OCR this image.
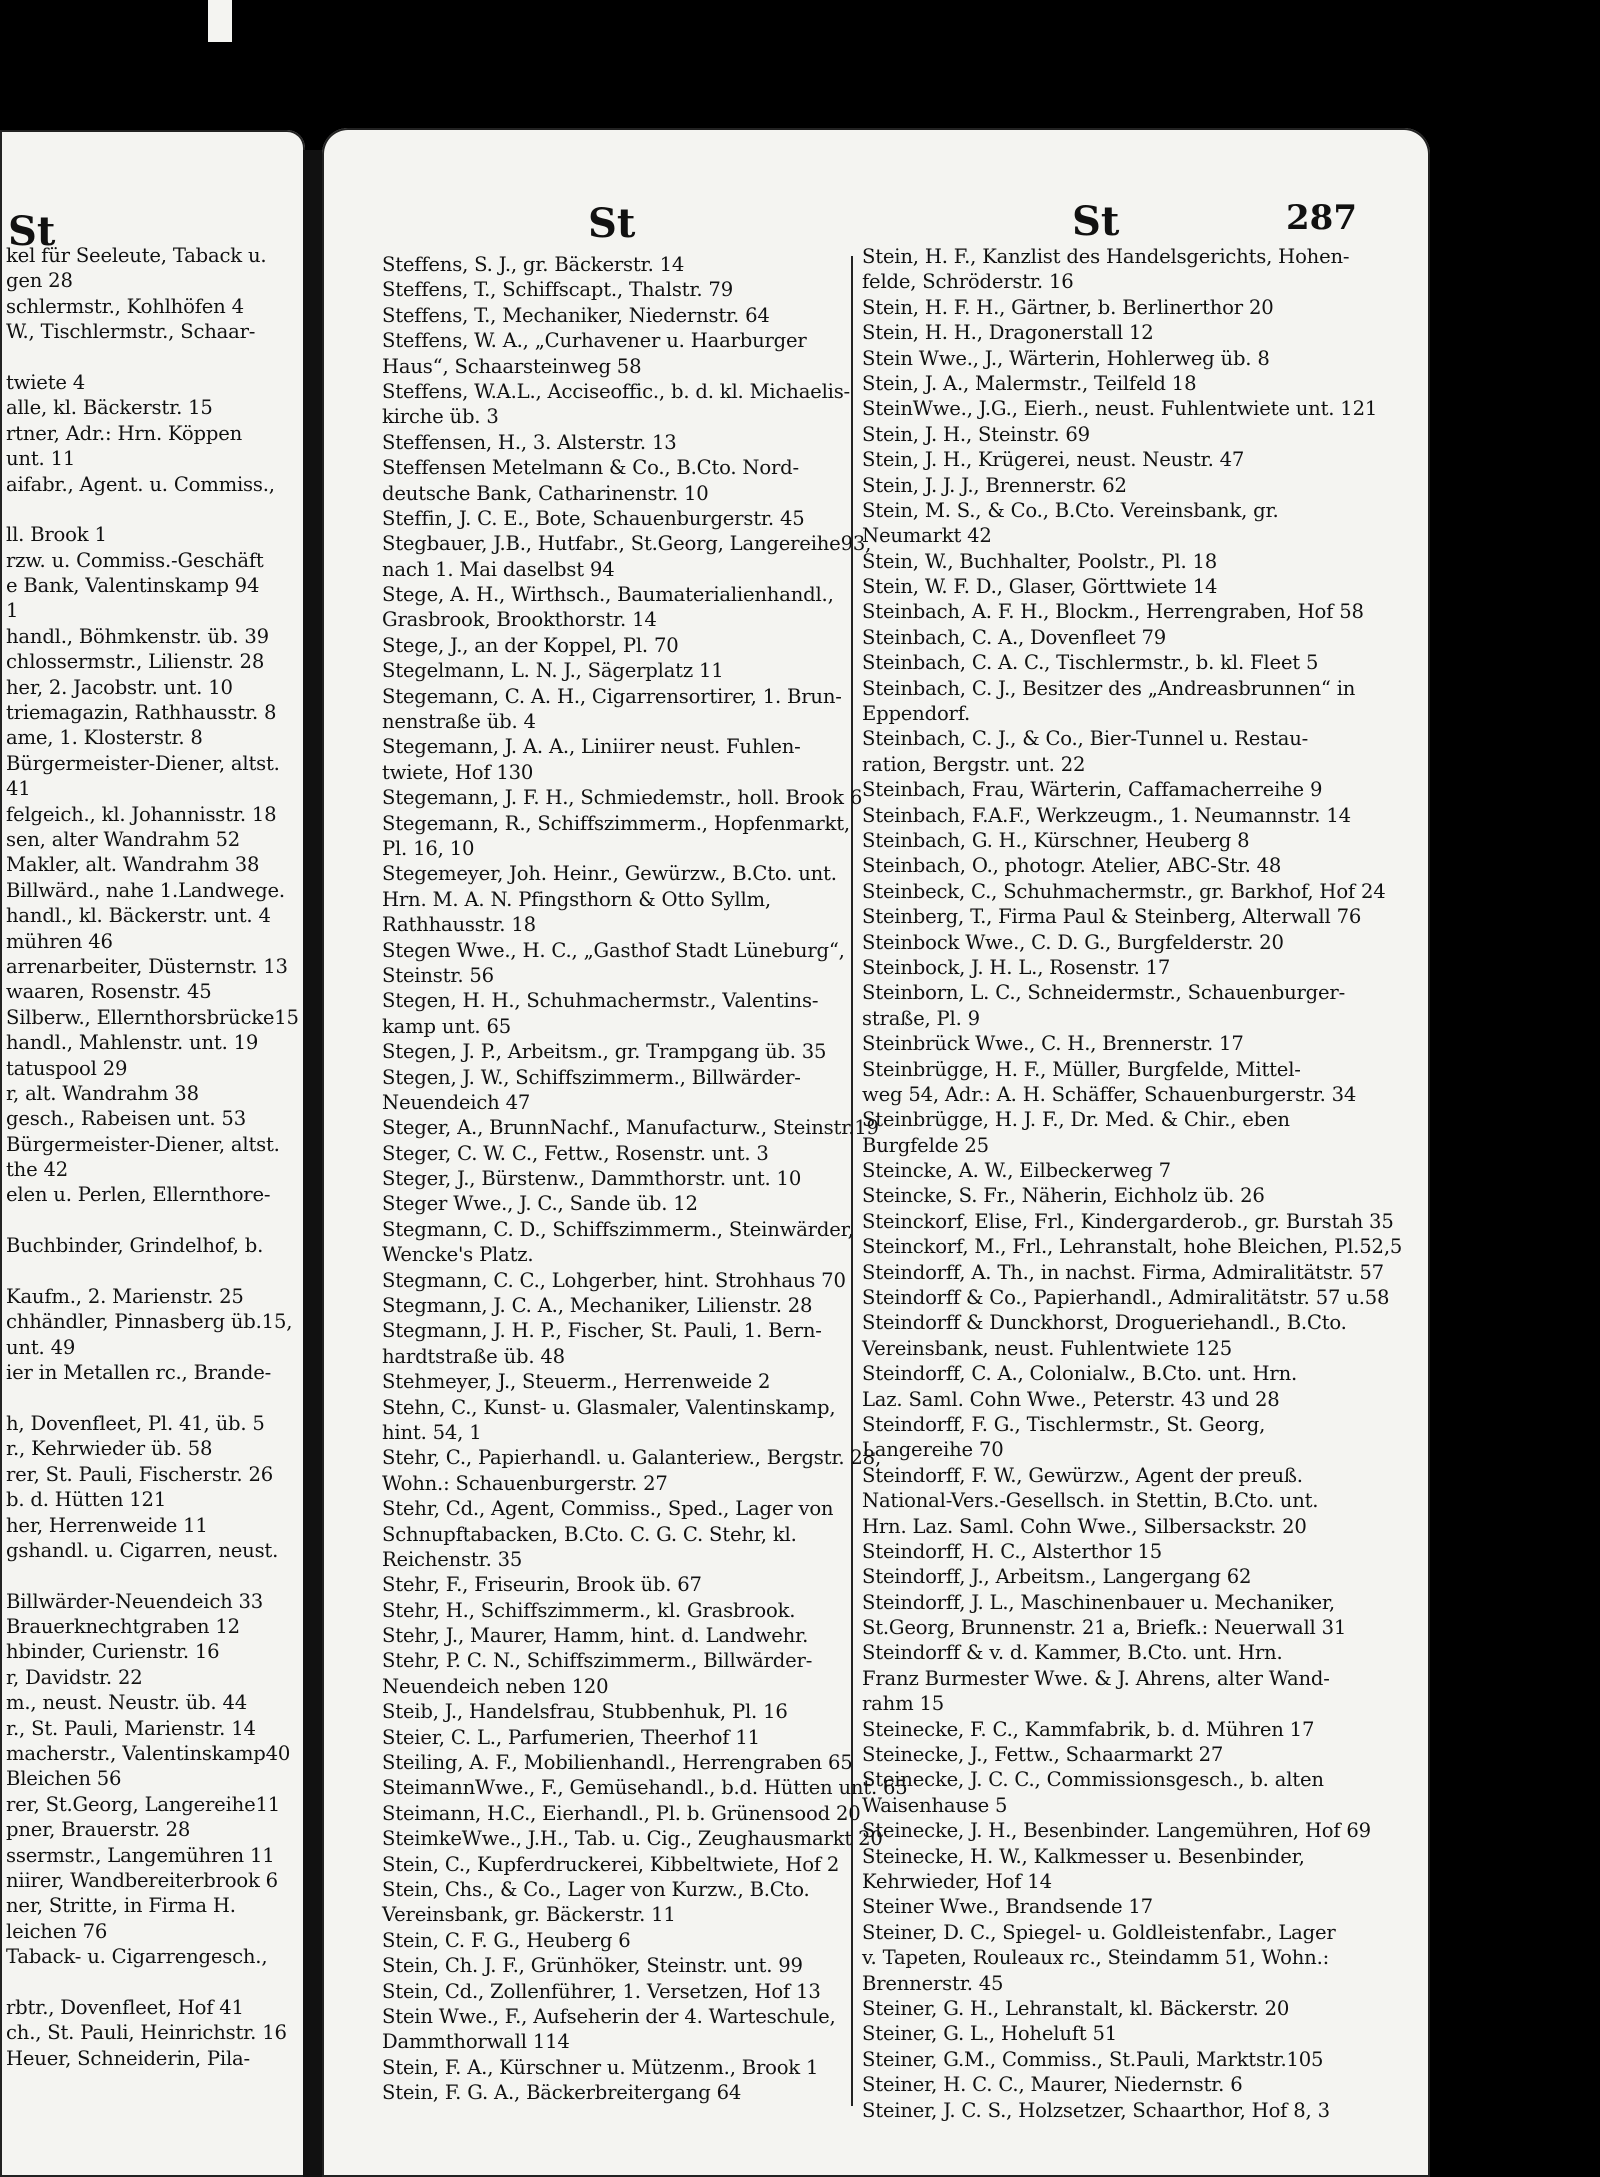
St	St	St	287
kel für Seeleute, Taback u.
gen 28
schlermstr., Kohlhöfen 4
W., Tischlermstr., Schaar-
twiete 4
alle, kl. Bäckerstr. 15
rtner, Adr.: Hrn. Köppen
unt. 11
aifabr., Agent. u. Commiss.,
ll. Brook 1
rzw. u. Commiss.-Geschäft
e Bank, Valentinskamp 94
1
handl., Böhmkenstr. üb. 39
chlossermstr., Lilienstr. 28
her, 2. Jacobstr. unt. 10
triemagazin, Rathhausstr. 8
ame, 1. Klosterstr. 8
Bürgermeister-Diener, altst.
41
felgeich., kl. Johannisstr. 18
sen, alter Wandrahm 52
Makler, alt. Wandrahm 38
Billwärd., nahe 1.Landwege.
handl., kl. Bäckerstr. unt. 4
mühren 46
arrenarbeiter, Düsternstr. 13
waaren, Rosenstr. 45
Silberw., Ellernthorsbrücke15
handl., Mahlenstr. unt. 19
tatuspool 29
r, alt. Wandrahm 38
gesch., Rabeisen unt. 53
Bürgermeister-Diener, altst.
the 42
elen u. Perlen, Ellernthore-
Buchbinder, Grindelhof, b.
Kaufm., 2. Marienstr. 25
chhändler, Pinnasberg üb.15,
unt. 49
ier in Metallen rc., Brande-
h, Dovenfleet, Pl. 41, üb. 5
r., Kehrwieder üb. 58
rer, St. Pauli, Fischerstr. 26
b. d. Hütten 121
her, Herrenweide 11
gshandl. u. Cigarren, neust.
Billwärder-Neuendeich 33
Brauerknechtgraben 12
hbinder, Curienstr. 16
r, Davidstr. 22
m., neust. Neustr. üb. 44
r., St. Pauli, Marienstr. 14
macherstr., Valentinskamp40
Bleichen 56
rer, St.Georg, Langereihe11
pner, Brauerstr. 28
ssermstr., Langemühren 11
niirer, Wandbereiterbrook 6
ner, Stritte, in Firma H.
leichen 76
Taback- u. Cigarrengesch.,
rbtr., Dovenfleet, Hof 41
ch., St. Pauli, Heinrichstr. 16
Heuer, Schneiderin, Pila-
Steffens, S. J., gr. Bäckerstr. 14
Steffens, T., Schiffscapt., Thalstr. 79
Steffens, T., Mechaniker, Niedernstr. 64
Steffens, W. A., „Curhavener u. Haarburger
Haus“, Schaarsteinweg 58
Steffens, W.A.L., Acciseoffic., b. d. kl. Michaelis-
kirche üb. 3
Steffensen, H., 3. Alsterstr. 13
Steffensen Metelmann & Co., B.Cto. Nord-
deutsche Bank, Catharinenstr. 10
Steffin, J. C. E., Bote, Schauenburgerstr. 45
Stegbauer, J.B., Hutfabr., St.Georg, Langereihe93,
nach 1. Mai daselbst 94
Stege, A. H., Wirthsch., Baumaterialienhandl.,
Grasbrook, Brookthorstr. 14
Stege, J., an der Koppel, Pl. 70
Stegelmann, L. N. J., Sägerplatz 11
Stegemann, C. A. H., Cigarrensortirer, 1. Brun-
nenstraße üb. 4
Stegemann, J. A. A., Liniirer neust. Fuhlen-
twiete, Hof 130
Stegemann, J. F. H., Schmiedemstr., holl. Brook 6
Stegemann, R., Schiffszimmerm., Hopfenmarkt,
Pl. 16, 10
Stegemeyer, Joh. Heinr., Gewürzw., B.Cto. unt.
Hrn. M. A. N. Pfingsthorn & Otto Syllm,
Rathhausstr. 18
Stegen Wwe., H. C., „Gasthof Stadt Lüneburg“,
Steinstr. 56
Stegen, H. H., Schuhmachermstr., Valentins-
kamp unt. 65
Stegen, J. P., Arbeitsm., gr. Trampgang üb. 35
Stegen, J. W., Schiffszimmerm., Billwärder-
Neuendeich 47
Steger, A., BrunnNachf., Manufacturw., Steinstr.19
Steger, C. W. C., Fettw., Rosenstr. unt. 3
Steger, J., Bürstenw., Dammthorstr. unt. 10
Steger Wwe., J. C., Sande üb. 12
Stegmann, C. D., Schiffszimmerm., Steinwärder,
Wencke's Platz.
Stegmann, C. C., Lohgerber, hint. Strohhaus 70
Stegmann, J. C. A., Mechaniker, Lilienstr. 28
Stegmann, J. H. P., Fischer, St. Pauli, 1. Bern-
hardtstraße üb. 48
Stehmeyer, J., Steuerm., Herrenweide 2
Stehn, C., Kunst- u. Glasmaler, Valentinskamp,
hint. 54, 1
Stehr, C., Papierhandl. u. Galanteriew., Bergstr. 28,
Wohn.: Schauenburgerstr. 27
Stehr, Cd., Agent, Commiss., Sped., Lager von
Schnupftabacken, B.Cto. C. G. C. Stehr, kl.
Reichenstr. 35
Stehr, F., Friseurin, Brook üb. 67
Stehr, H., Schiffszimmerm., kl. Grasbrook.
Stehr, J., Maurer, Hamm, hint. d. Landwehr.
Stehr, P. C. N., Schiffszimmerm., Billwärder-
Neuendeich neben 120
Steib, J., Handelsfrau, Stubbenhuk, Pl. 16
Steier, C. L., Parfumerien, Theerhof 11
Steiling, A. F., Mobilienhandl., Herrengraben 65
SteimannWwe., F., Gemüsehandl., b.d. Hütten unt. 65
Steimann, H.C., Eierhandl., Pl. b. Grünensood 20
SteimkeWwe., J.H., Tab. u. Cig., Zeughausmarkt 20
Stein, C., Kupferdruckerei, Kibbeltwiete, Hof 2
Stein, Chs., & Co., Lager von Kurzw., B.Cto.
Vereinsbank, gr. Bäckerstr. 11
Stein, C. F. G., Heuberg 6
Stein, Ch. J. F., Grünhöker, Steinstr. unt. 99
Stein, Cd., Zollenführer, 1. Versetzen, Hof 13
Stein Wwe., F., Aufseherin der 4. Warteschule,
Dammthorwall 114
Stein, F. A., Kürschner u. Mützenm., Brook 1
Stein, F. G. A., Bäckerbreitergang 64
Stein, H. F., Kanzlist des Handelsgerichts, Hohen-
felde, Schröderstr. 16
Stein, H. F. H., Gärtner, b. Berlinerthor 20
Stein, H. H., Dragonerstall 12
Stein Wwe., J., Wärterin, Hohlerweg üb. 8
Stein, J. A., Malermstr., Teilfeld 18
SteinWwe., J.G., Eierh., neust. Fuhlentwiete unt. 121
Stein, J. H., Steinstr. 69
Stein, J. H., Krügerei, neust. Neustr. 47
Stein, J. J. J., Brennerstr. 62
Stein, M. S., & Co., B.Cto. Vereinsbank, gr.
Neumarkt 42
Stein, W., Buchhalter, Poolstr., Pl. 18
Stein, W. F. D., Glaser, Görttwiete 14
Steinbach, A. F. H., Blockm., Herrengraben, Hof 58
Steinbach, C. A., Dovenfleet 79
Steinbach, C. A. C., Tischlermstr., b. kl. Fleet 5
Steinbach, C. J., Besitzer des „Andreasbrunnen“ in
Eppendorf.
Steinbach, C. J., & Co., Bier-Tunnel u. Restau-
ration, Bergstr. unt. 22
Steinbach, Frau, Wärterin, Caffamacherreihe 9
Steinbach, F.A.F., Werkzeugm., 1. Neumannstr. 14
Steinbach, G. H., Kürschner, Heuberg 8
Steinbach, O., photogr. Atelier, ABC-Str. 48
Steinbeck, C., Schuhmachermstr., gr. Barkhof, Hof 24
Steinberg, T., Firma Paul & Steinberg, Alterwall 76
Steinbock Wwe., C. D. G., Burgfelderstr. 20
Steinbock, J. H. L., Rosenstr. 17
Steinborn, L. C., Schneidermstr., Schauenburger-
straße, Pl. 9
Steinbrück Wwe., C. H., Brennerstr. 17
Steinbrügge, H. F., Müller, Burgfelde, Mittel-
weg 54, Adr.: A. H. Schäffer, Schauenburgerstr. 34
Steinbrügge, H. J. F., Dr. Med. & Chir., eben
Burgfelde 25
Steincke, A. W., Eilbeckerweg 7
Steincke, S. Fr., Näherin, Eichholz üb. 26
Steinckorf, Elise, Frl., Kindergarderob., gr. Burstah 35
Steinckorf, M., Frl., Lehranstalt, hohe Bleichen, Pl.52,5
Steindorff, A. Th., in nachst. Firma, Admiralitätstr. 57
Steindorff & Co., Papierhandl., Admiralitätstr. 57 u.58
Steindorff & Dunckhorst, Drogueriehandl., B.Cto.
Vereinsbank, neust. Fuhlentwiete 125
Steindorff, C. A., Colonialw., B.Cto. unt. Hrn.
Laz. Saml. Cohn Wwe., Peterstr. 43 und 28
Steindorff, F. G., Tischlermstr., St. Georg,
Langereihe 70
Steindorff, F. W., Gewürzw., Agent der preuß.
National-Vers.-Gesellsch. in Stettin, B.Cto. unt.
Hrn. Laz. Saml. Cohn Wwe., Silbersackstr. 20
Steindorff, H. C., Alsterthor 15
Steindorff, J., Arbeitsm., Langergang 62
Steindorff, J. L., Maschinenbauer u. Mechaniker,
St.Georg, Brunnenstr. 21 a, Briefk.: Neuerwall 31
Steindorff & v. d. Kammer, B.Cto. unt. Hrn.
Franz Burmester Wwe. & J. Ahrens, alter Wand-
rahm 15
Steinecke, F. C., Kammfabrik, b. d. Mühren 17
Steinecke, J., Fettw., Schaarmarkt 27
Steinecke, J. C. C., Commissionsgesch., b. alten
Waisenhause 5
Steinecke, J. H., Besenbinder. Langemühren, Hof 69
Steinecke, H. W., Kalkmesser u. Besenbinder,
Kehrwieder, Hof 14
Steiner Wwe., Brandsende 17
Steiner, D. C., Spiegel- u. Goldleistenfabr., Lager
v. Tapeten, Rouleaux rc., Steindamm 51, Wohn.:
Brennerstr. 45
Steiner, G. H., Lehranstalt, kl. Bäckerstr. 20
Steiner, G. L., Hoheluft 51
Steiner, G.M., Commiss., St.Pauli, Marktstr.105
Steiner, H. C. C., Maurer, Niedernstr. 6
Steiner, J. C. S., Holzsetzer, Schaarthor, Hof 8, 3
